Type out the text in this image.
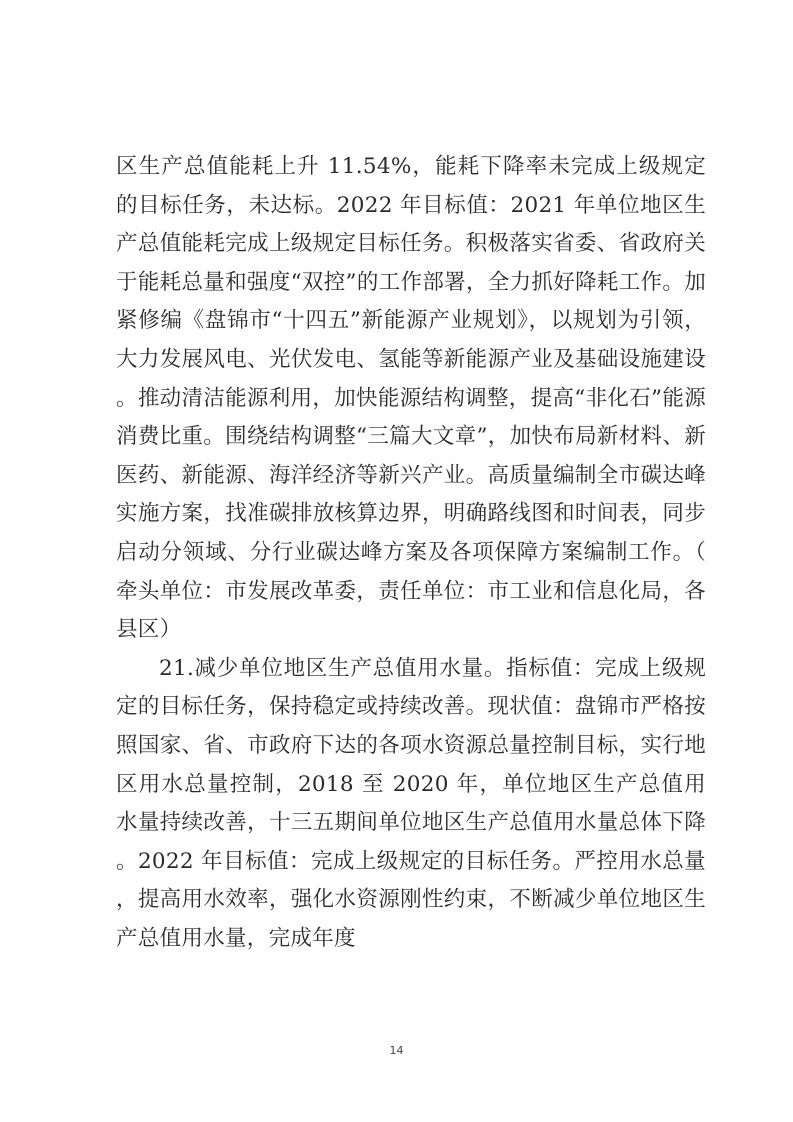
区生产总值能耗上升 11.54%，能耗下降率未完成上级规定的目标任务，未达标。2022 年目标值：2021 年单位地区生产总值能耗完成上级规定目标任务。积极落实省委、省政府关于能耗总量和强度“双控”的工作部署，全力抓好降耗工作。加紧修编《盘锦市“十四五”新能源产业规划》，以规划为引领，大力发展风电、光伏发电、氢能等新能源产业及基础设施建设。推动清洁能源利用，加快能源结构调整，提高“非化石”能源消费比重。围绕结构调整“三篇大文章”，加快布局新材料、新医药、新能源、海洋经济等新兴产业。高质量编制全市碳达峰实施方案，找准碳排放核算边界，明确路线图和时间表，同步启动分领域、分行业碳达峰方案及各项保障方案编制工作。（牵头单位：市发展改革委，责任单位：市工业和信息化局，各县区）

21.减少单位地区生产总值用水量。指标值：完成上级规定的目标任务，保持稳定或持续改善。现状值：盘锦市严格按照国家、省、市政府下达的各项水资源总量控制目标，实行地区用水总量控制，2018 至 2020 年，单位地区生产总值用水量持续改善，十三五期间单位地区生产总值用水量总体下降。2022 年目标值：完成上级规定的目标任务。严控用水总量，提高用水效率，强化水资源刚性约束，不断减少单位地区生产总值用水量，完成年度

14
